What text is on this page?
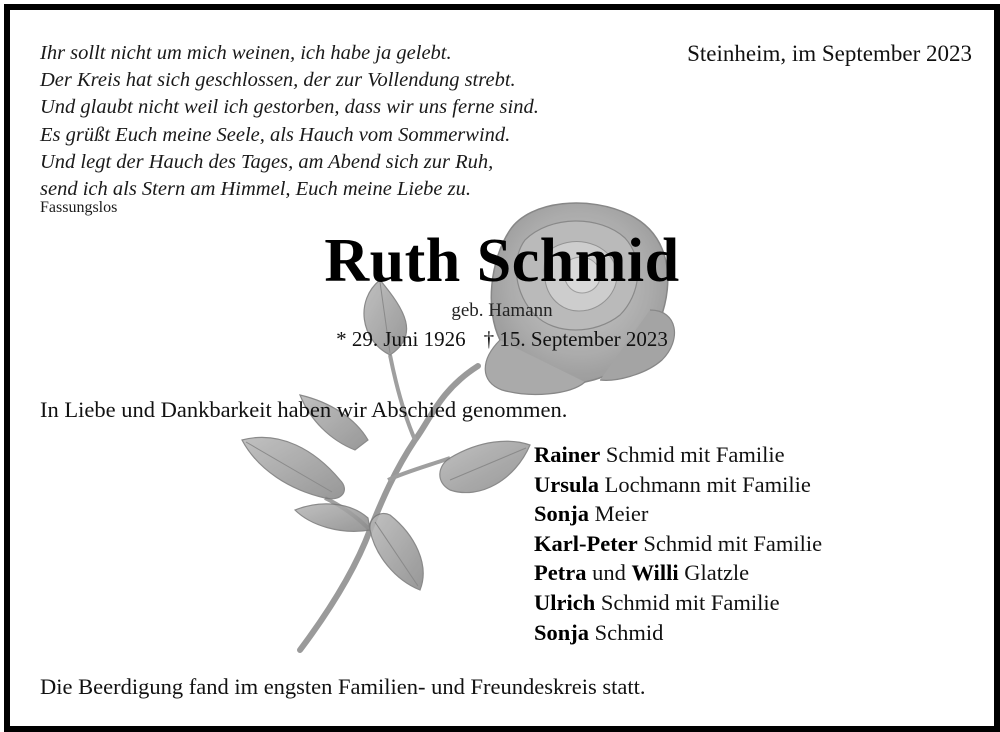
Ihr sollt nicht um mich weinen, ich habe ja gelebt.
Der Kreis hat sich geschlossen, der zur Vollendung strebt.
Und glaubt nicht weil ich gestorben, dass wir uns ferne sind.
Es grüßt Euch meine Seele, als Hauch vom Sommerwind.
Und legt der Hauch des Tages, am Abend sich zur Ruh,
send ich als Stern am Himmel, Euch meine Liebe zu.
Fassungslos
Steinheim, im September 2023
Ruth Schmid
geb. Hamann
* 29. Juni 1926 † 15. September 2023
In Liebe und Dankbarkeit haben wir Abschied genommen.
Rainer Schmid mit Familie
Ursula Lochmann mit Familie
Sonja Meier
Karl-Peter Schmid mit Familie
Petra und Willi Glatzle
Ulrich Schmid mit Familie
Sonja Schmid
Die Beerdigung fand im engsten Familien- und Freundeskreis statt.
